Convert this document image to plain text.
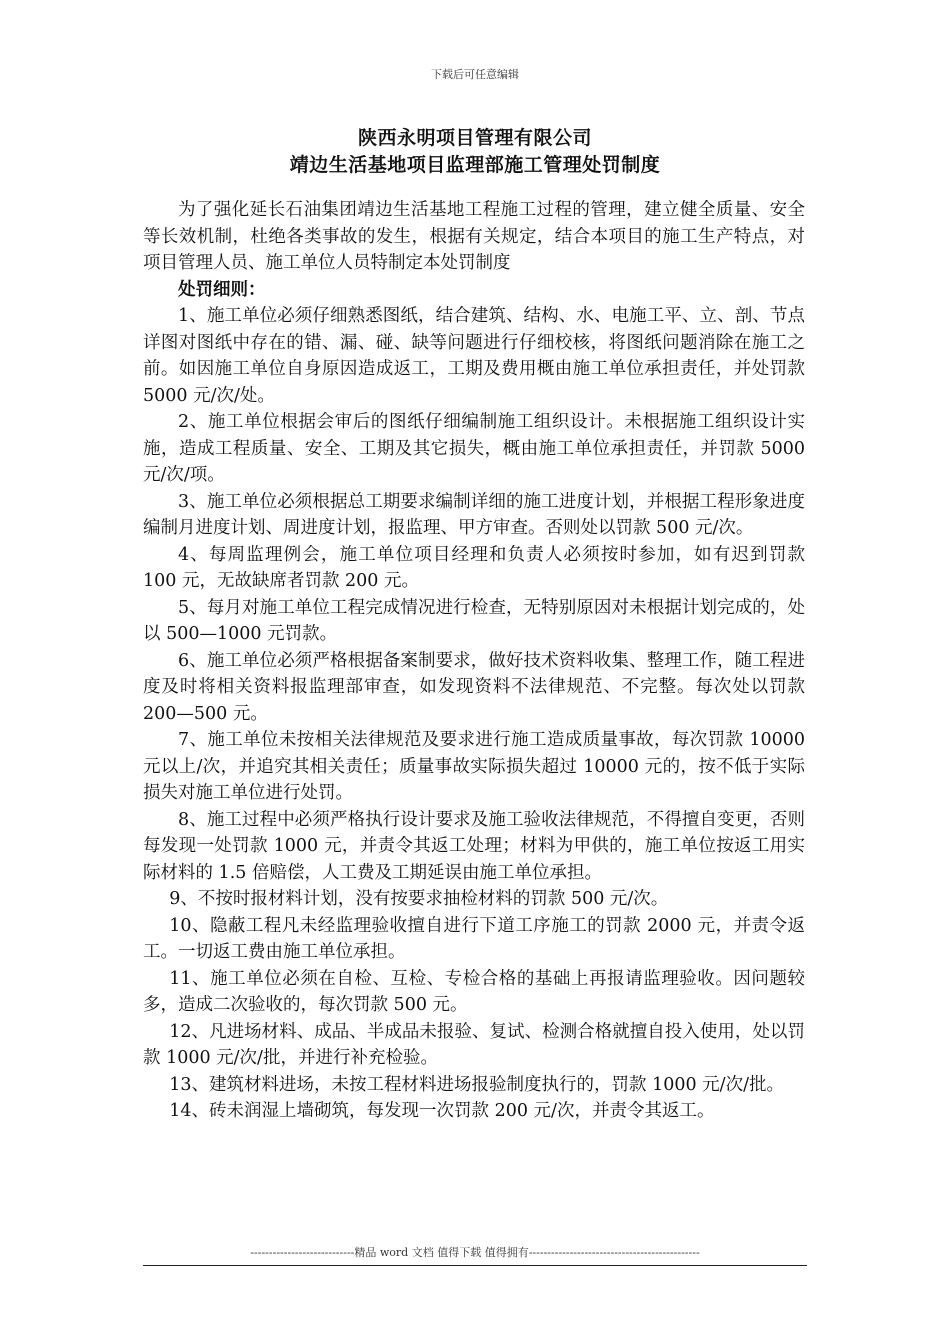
下载后可任意编辑
陕西永明项目管理有限公司
靖边生活基地项目监理部施工管理处罚制度

为了强化延长石油集团靖边生活基地工程施工过程的管理，建立健全质量、安全等长效机制，杜绝各类事故的发生，根据有关规定，结合本项目的施工生产特点，对项目管理人员、施工单位人员特制定本处罚制度

处罚细则：

1、施工单位必须仔细熟悉图纸，结合建筑、结构、水、电施工平、立、剖、节点详图对图纸中存在的错、漏、碰、缺等问题进行仔细校核，将图纸问题消除在施工之前。如因施工单位自身原因造成返工，工期及费用概由施工单位承担责任，并处罚款 5000 元/次/处。

2、施工单位根据会审后的图纸仔细编制施工组织设计。未根据施工组织设计实施，造成工程质量、安全、工期及其它损失，概由施工单位承担责任，并罚款 5000 元/次/项。

3、施工单位必须根据总工期要求编制详细的施工进度计划，并根据工程形象进度编制月进度计划、周进度计划，报监理、甲方审查。否则处以罚款 500 元/次。

4、每周监理例会，施工单位项目经理和负责人必须按时参加，如有迟到罚款 100 元，无故缺席者罚款 200 元。

5、每月对施工单位工程完成情况进行检查，无特别原因对未根据计划完成的，处以 500—1000 元罚款。

6、施工单位必须严格根据备案制要求，做好技术资料收集、整理工作，随工程进度及时将相关资料报监理部审查，如发现资料不法律规范、不完整。每次处以罚款 200—500 元。

7、施工单位未按相关法律规范及要求进行施工造成质量事故，每次罚款 10000 元以上/次，并追究其相关责任；质量事故实际损失超过 10000 元的，按不低于实际损失对施工单位进行处罚。

8、施工过程中必须严格执行设计要求及施工验收法律规范，不得擅自变更，否则每发现一处罚款 1000 元，并责令其返工处理；材料为甲供的，施工单位按返工用实际材料的 1.5 倍赔偿，人工费及工期延误由施工单位承担。

9、不按时报材料计划，没有按要求抽检材料的罚款 500 元/次。

10、隐蔽工程凡未经监理验收擅自进行下道工序施工的罚款 2000 元，并责令返工。一切返工费由施工单位承担。

11、施工单位必须在自检、互检、专检合格的基础上再报请监理验收。因问题较多，造成二次验收的，每次罚款 500 元。

12、凡进场材料、成品、半成品未报验、复试、检测合格就擅自投入使用，处以罚款 1000 元/次/批，并进行补充检验。

13、建筑材料进场，未按工程材料进场报验制度执行的，罚款 1000 元/次/批。

14、砖未润湿上墙砌筑，每发现一次罚款 200 元/次，并责令其返工。

----------------------------精品 word 文档 值得下载 值得拥有----------------------------------------------
